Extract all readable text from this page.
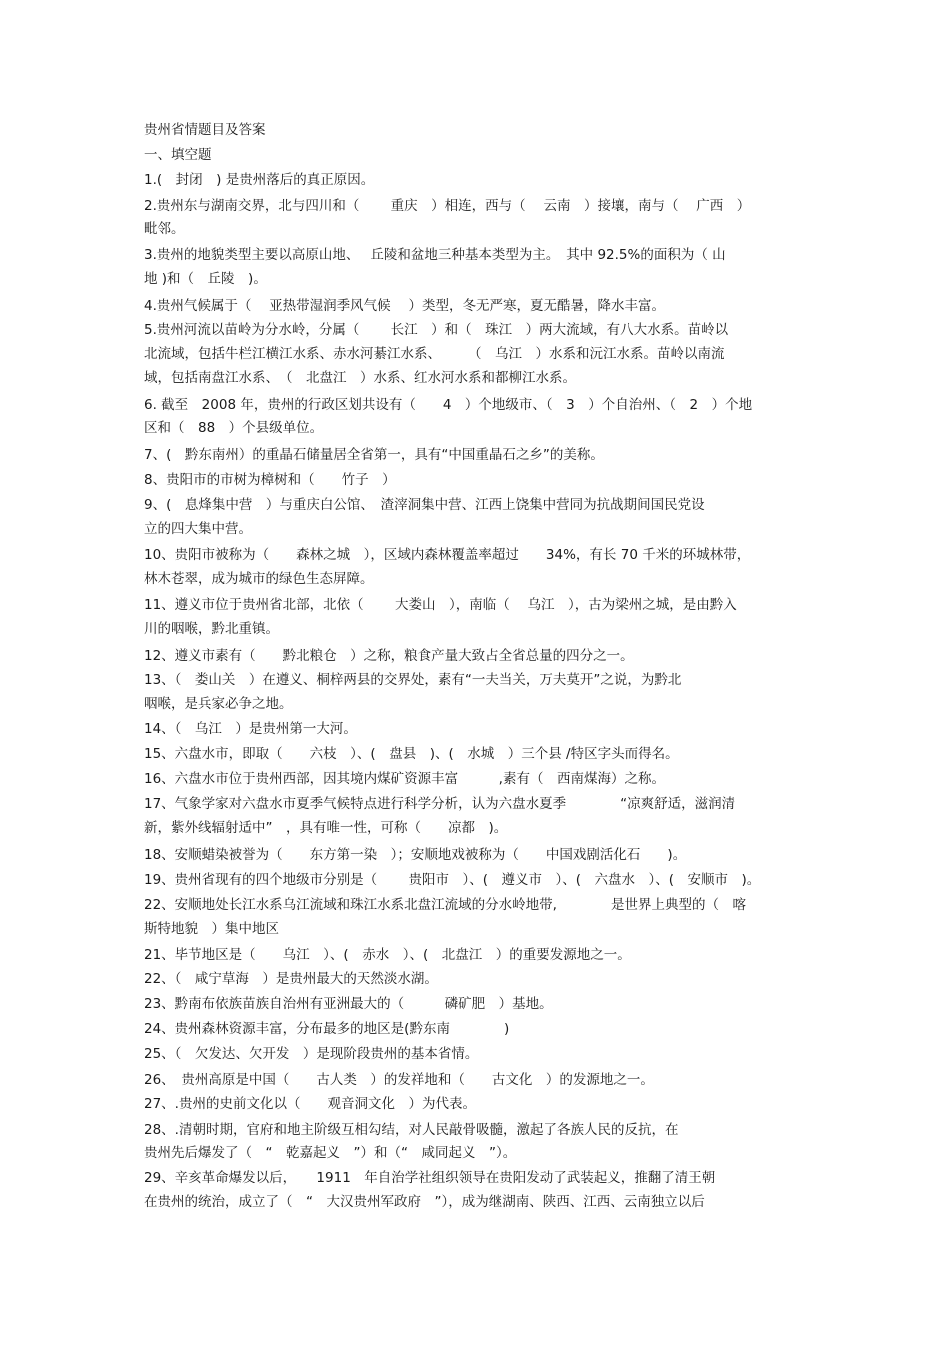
贵州省情题目及答案
一、填空题
1.(　封闭　) 是贵州落后的真正原因。
2.贵州东与湖南交界，北与四川和（　　 重庆　）相连，西与（　 云南　）接壤，南与（　 广西　）
毗邻。
3.贵州的地貌类型主要以高原山地、　 丘陵和盆地三种基本类型为主。　其中 92.5%的面积为（ 山
地 )和（　丘陵　)。
4.贵州气候属于（　 亚热带湿润季风气候　 ）类型，冬无严寒，夏无酷暑，降水丰富。
5.贵州河流以苗岭为分水岭，分属（　　 长江　）和（　珠江　）两大流域，有八大水系。苗岭以
北流域，包括牛栏江横江水系、赤水河綦江水系、　　　（　乌江　）水系和沅江水系。苗岭以南流
域，包括南盘江水系、　（　北盘江　）水系、红水河水系和都柳江水系。
6. 截至　2008 年，贵州的行政区划共设有（　　4　）个地级市、（　3　）个自治州、（　2　）个地
区和（　88　）个县级单位。
7、(　黔东南州）的重晶石储量居全省第一，具有“中国重晶石之乡”的美称。
8、贵阳市的市树为樟树和（　　竹子　）
9、(　息烽集中营　）与重庆白公馆、　渣滓洞集中营、江西上饶集中营同为抗战期间国民党设
立的四大集中营。
10、贵阳市被称为（　　森林之城　），区域内森林覆盖率超过　　34%，有长 70 千米的环城林带，
林木苍翠，成为城市的绿色生态屏障。
11、遵义市位于贵州省北部，北依（　　 大娄山　），南临（　 乌江　），古为梁州之城，是由黔入
川的咽喉，黔北重镇。
12、遵义市素有（　　黔北粮仓　）之称，粮食产量大致占全省总量的四分之一。
13、（　娄山关　）在遵义、桐梓两县的交界处，素有“一夫当关，万夫莫开”之说，为黔北
咽喉，是兵家必争之地。
14、（　乌江　）是贵州第一大河。
15、六盘水市，即取（　　六枝　）、(　盘县　)、(　水城　）三个县 /特区字头而得名。
16、六盘水市位于贵州西部，因其境内煤矿资源丰富　　　,素有（　西南煤海）之称。
17、气象学家对六盘水市夏季气候特点进行科学分析，认为六盘水夏季　　　　“凉爽舒适，滋润清
新，紫外线辐射适中”　，具有唯一性，可称（　　凉都　)。
18、安顺蜡染被誉为（　　东方第一染　）；安顺地戏被称为（　　中国戏剧活化石　　)。
19、贵州省现有的四个地级市分别是（　　 贵阳市　）、(　遵义市　）、(　六盘水　）、(　安顺市　)。
22、安顺地处长江水系乌江流域和珠江水系北盘江流域的分水岭地带,　　　　是世界上典型的（　喀
斯特地貌　）集中地区
21、毕节地区是（　　乌江　）、(　赤水　）、(　北盘江　）的重要发源地之一。
22、（　咸宁草海　）是贵州最大的天然淡水湖。
23、黔南布依族苗族自治州有亚洲最大的（　　　磷矿肥　）基地。
24、贵州森林资源丰富，分布最多的地区是(黔东南　　　　)
25、（　欠发达、欠开发　）是现阶段贵州的基本省情。
26、　贵州高原是中国（　　古人类　）的发祥地和（　　古文化　）的发源地之一。
27、.贵州的史前文化以（　　观音洞文化　）为代表。
28、.清朝时期，官府和地主阶级互相勾结，对人民敲骨吸髓，激起了各族人民的反抗，在
贵州先后爆发了（　“　乾嘉起义　”）和（“　咸同起义　”）。
29、辛亥革命爆发以后，　　1911　年自治学社组织领导在贵阳发动了武装起义，推翻了清王朝
在贵州的统治，成立了（　“　大汉贵州军政府　”），成为继湖南、陕西、江西、云南独立以后
